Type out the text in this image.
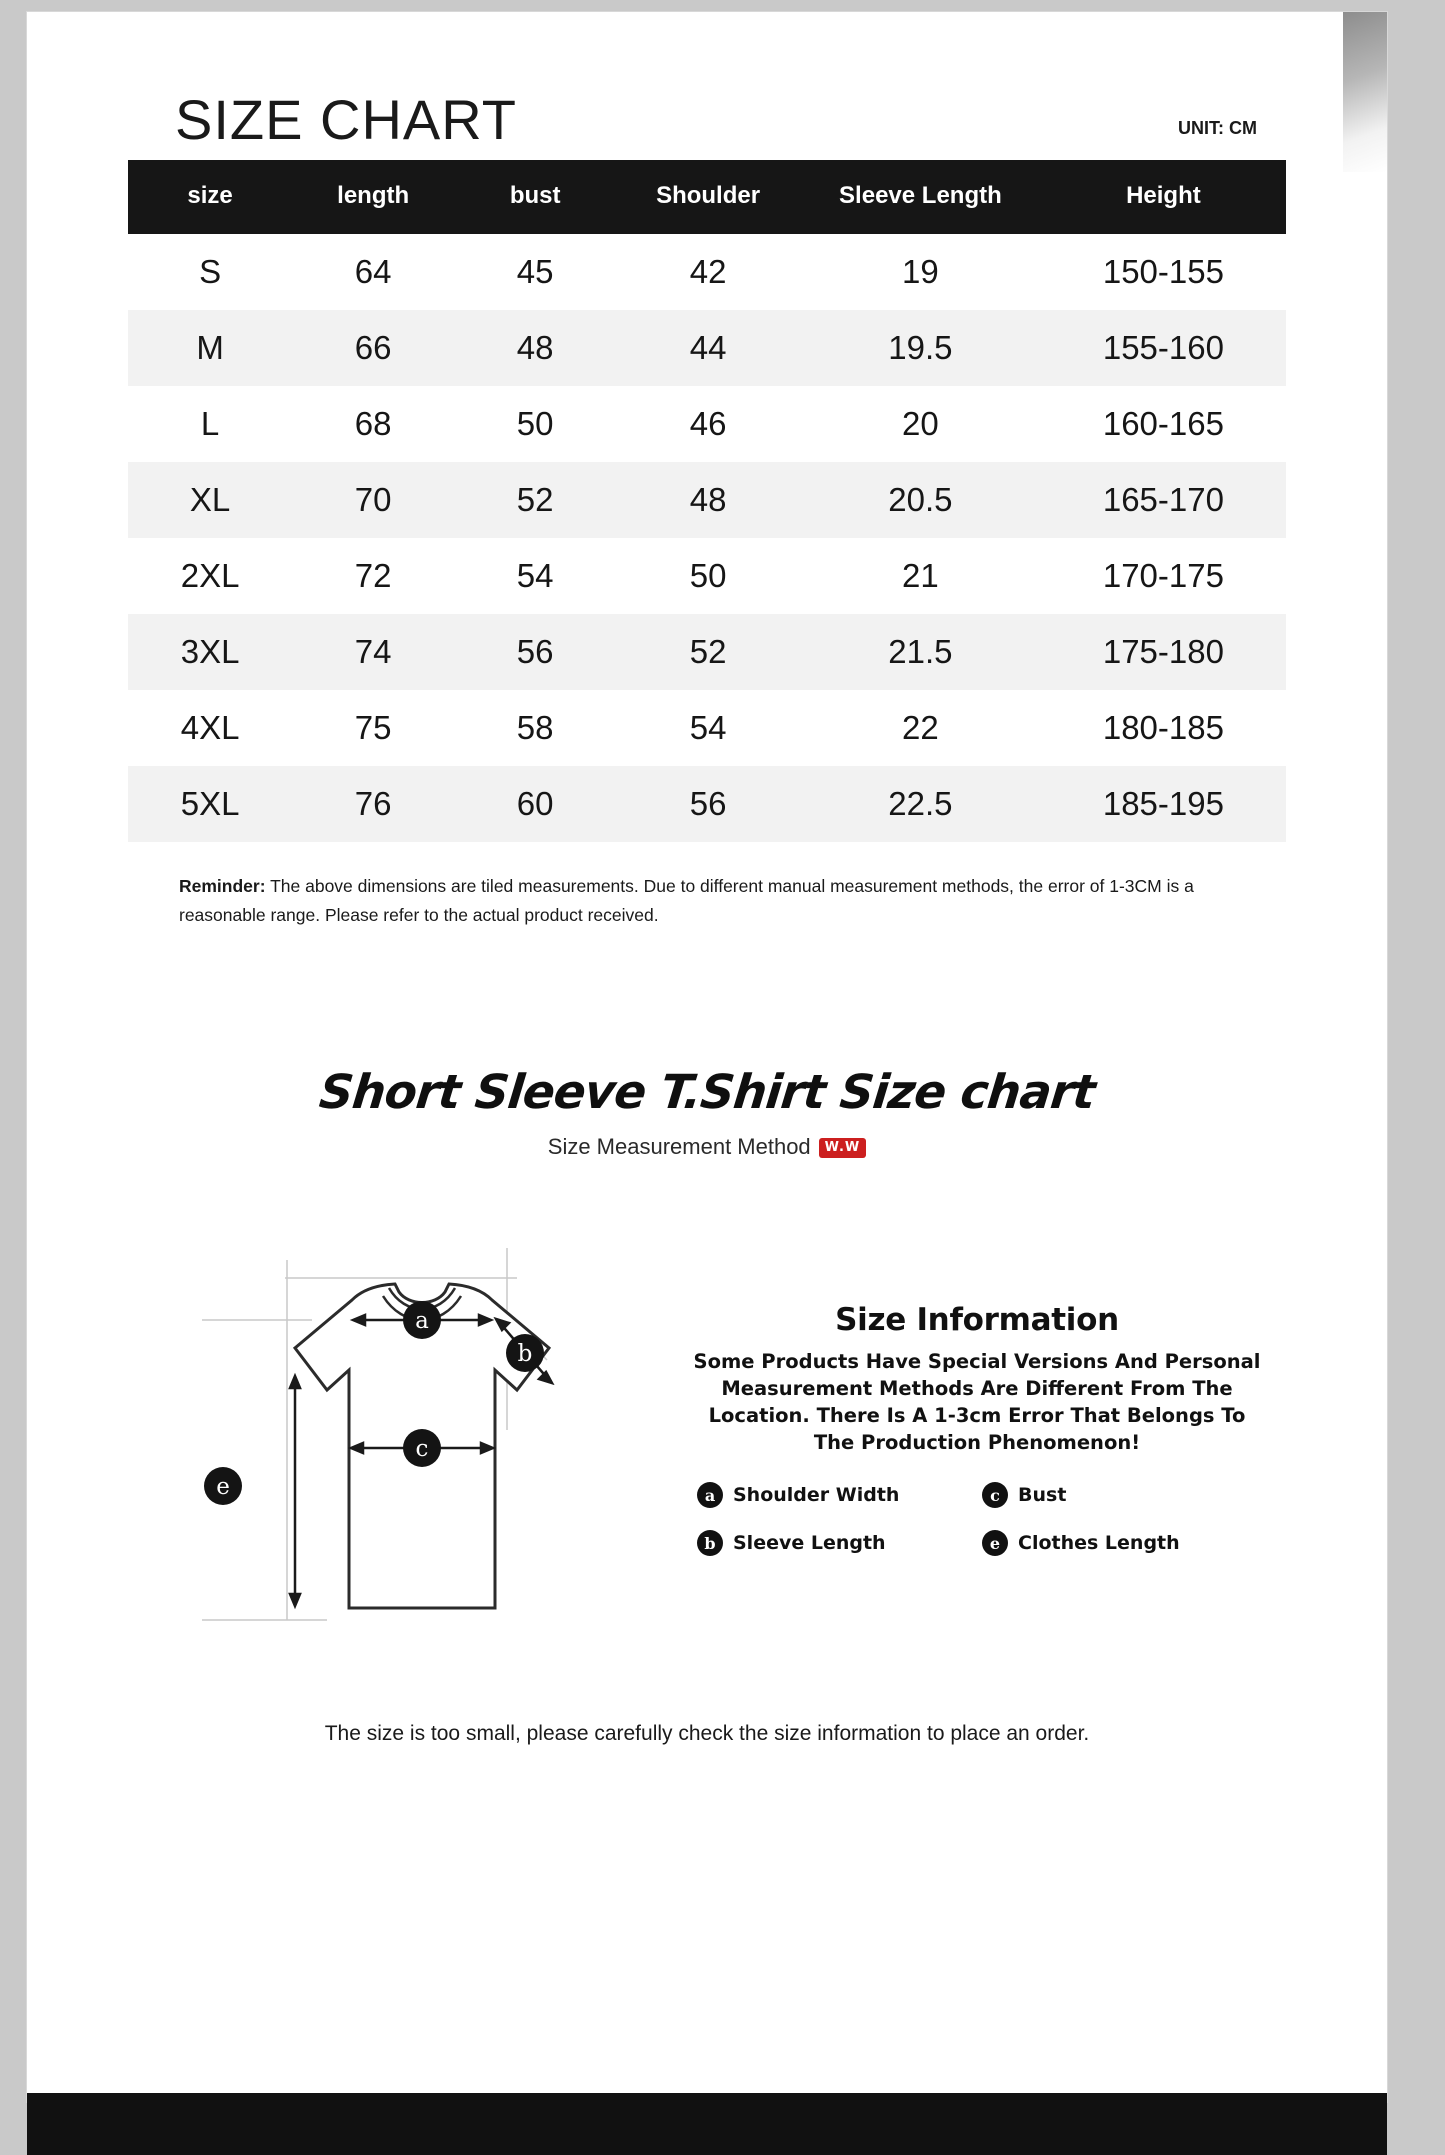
SIZE CHART	UNIT: CM
size	length	bust	Shoulder	Sleeve Length	Height
S	64	45	42	19	150-155
M	66	48	44	19.5	155-160
L	68	50	46	20	160-165
XL	70	52	48	20.5	165-170
2XL	72	54	50	21	170-175
3XL	74	56	52	21.5	175-180
4XL	75	58	54	22	180-185
5XL	76	60	56	22.5	185-195

Reminder: The above dimensions are tiled measurements. Due to different manual measurement methods, the error of 1-3CM is a reasonable range. Please refer to the actual product received.

Short Sleeve T.Shirt Size chart
Size Measurement Method W.W
a
b
c
e
Size Information
Some Products Have Special Versions And Personal Measurement Methods Are Different From The Location. There Is A 1-3cm Error That Belongs To The Production Phenomenon!
a Shoulder Width	c Bust
b Sleeve Length	e Clothes Length
The size is too small, please carefully check the size information to place an order.
